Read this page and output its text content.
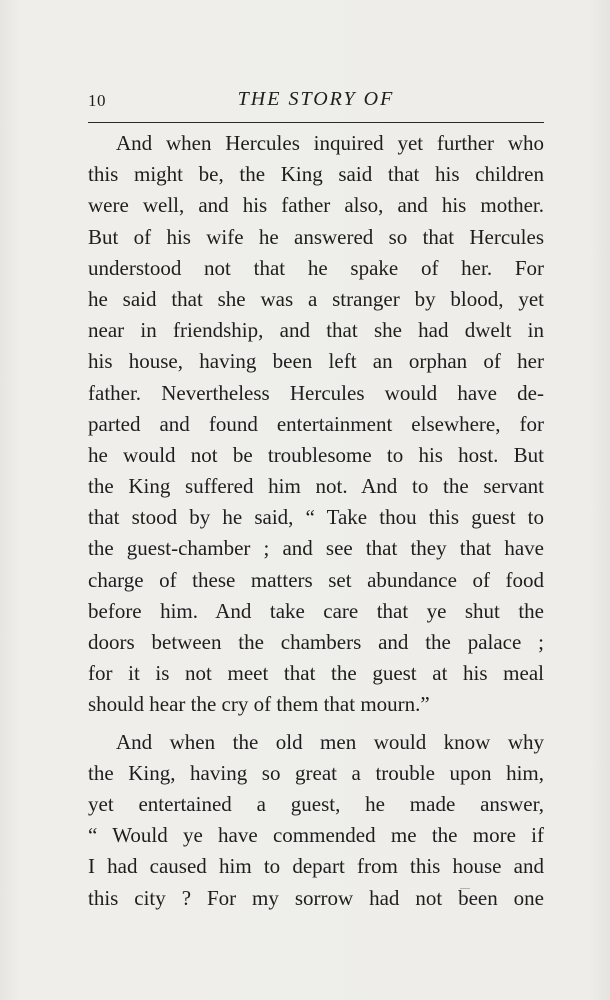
10	THE STORY OF
And when Hercules inquired yet further who
this might be, the King said that his children
were well, and his father also, and his mother.
But of his wife he answered so that Hercules
understood not that he spake of her. For
he said that she was a stranger by blood, yet
near in friendship, and that she had dwelt in
his house, having been left an orphan of her
father. Nevertheless Hercules would have de-
parted and found entertainment elsewhere, for
he would not be troublesome to his host. But
the King suffered him not. And to the servant
that stood by he said, “ Take thou this guest to
the guest-chamber ; and see that they that have
charge of these matters set abundance of food
before him. And take care that ye shut the
doors between the chambers and the palace ;
for it is not meet that the guest at his meal
should hear the cry of them that mourn.”
And when the old men would know why
the King, having so great a trouble upon him,
yet entertained a guest, he made answer,
“ Would ye have commended me the more if
I had caused him to depart from this house and
this city ? For my sorrow had not been one
